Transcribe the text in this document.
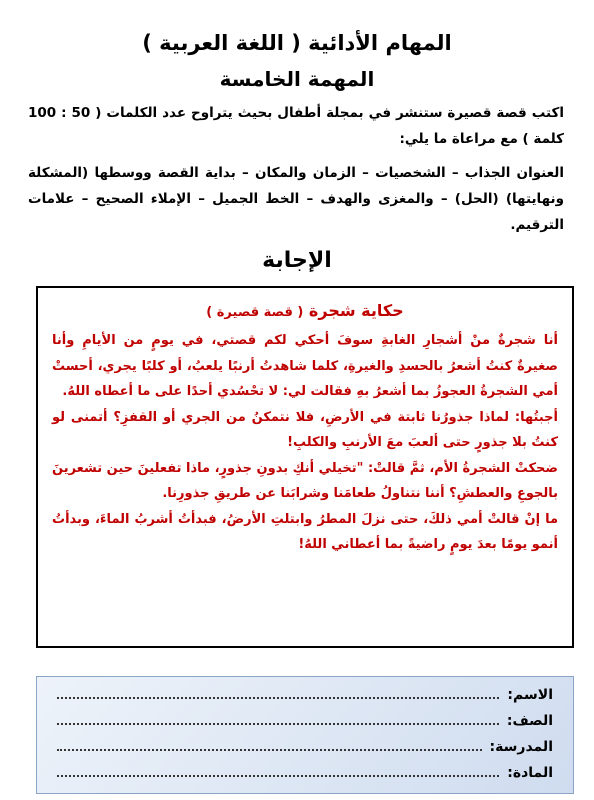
المهام الأدائية ( اللغة العربية )
المهمة الخامسة

اكتب قصة قصيرة ستنشر في بمجلة أطفال بحيث يتراوح عدد الكلمات ( 50 : 100 كلمة ) مع مراعاة ما يلي:

العنوان الجذاب – الشخصيات – الزمان والمكان – بداية القصة ووسطها (المشكلة ونهايتها) (الحل) – والمغزى والهدف – الخط الجميل – الإملاء الصحيح – علامات الترقيم.

الإجابة

حكاية شجرة ( قصة قصيرة )

أنا شجرةٌ منْ أشجارِ الغابةِ سوفَ أحكي لكم قصتي، في يومٍ من الأيامِ وأنا صغيرةٌ كنتُ أشعرُ بالحسدِ والغيرةِ، كلما شاهدتُ أرنبًا يلعبُ، أو كلبًا يجري، أحستْ أمي الشجرةُ العجوزُ بما أشعرُ بهِ فقالت لي: لا تحْسُدي أحدًا على ما أعطاه اللهُ.

أجبتُها: لماذا جذورُنا ثابتة في الأرضِ، فلا نتمكنُ من الجري أو القفزِ؟ أتمنى لو كنتُ بلا جذورٍ حتى ألعبَ معَ الأرنبِ والكلبِ!

ضحكتْ الشجرةُ الأم، ثمَّ قالتْ: "تخيلي أنكِ بدونِ جذورٍ، ماذا تفعلينَ حين تشعرينَ بالجوعِ والعطشِ؟ أننا نتناولُ طعامَنا وشرابَنا عن طريقِ جذورِنا.

ما إنْ قالتْ أمي ذلكَ، حتى نزلَ المطرُ وابتلتِ الأرضُ، فبدأتُ أشربُ الماءَ، وبدأتُ أنمو يومًا بعدَ يومٍ راضيةً بما أعطاني اللهُ!

الاسم:
الصف:
المدرسة:
المادة:
